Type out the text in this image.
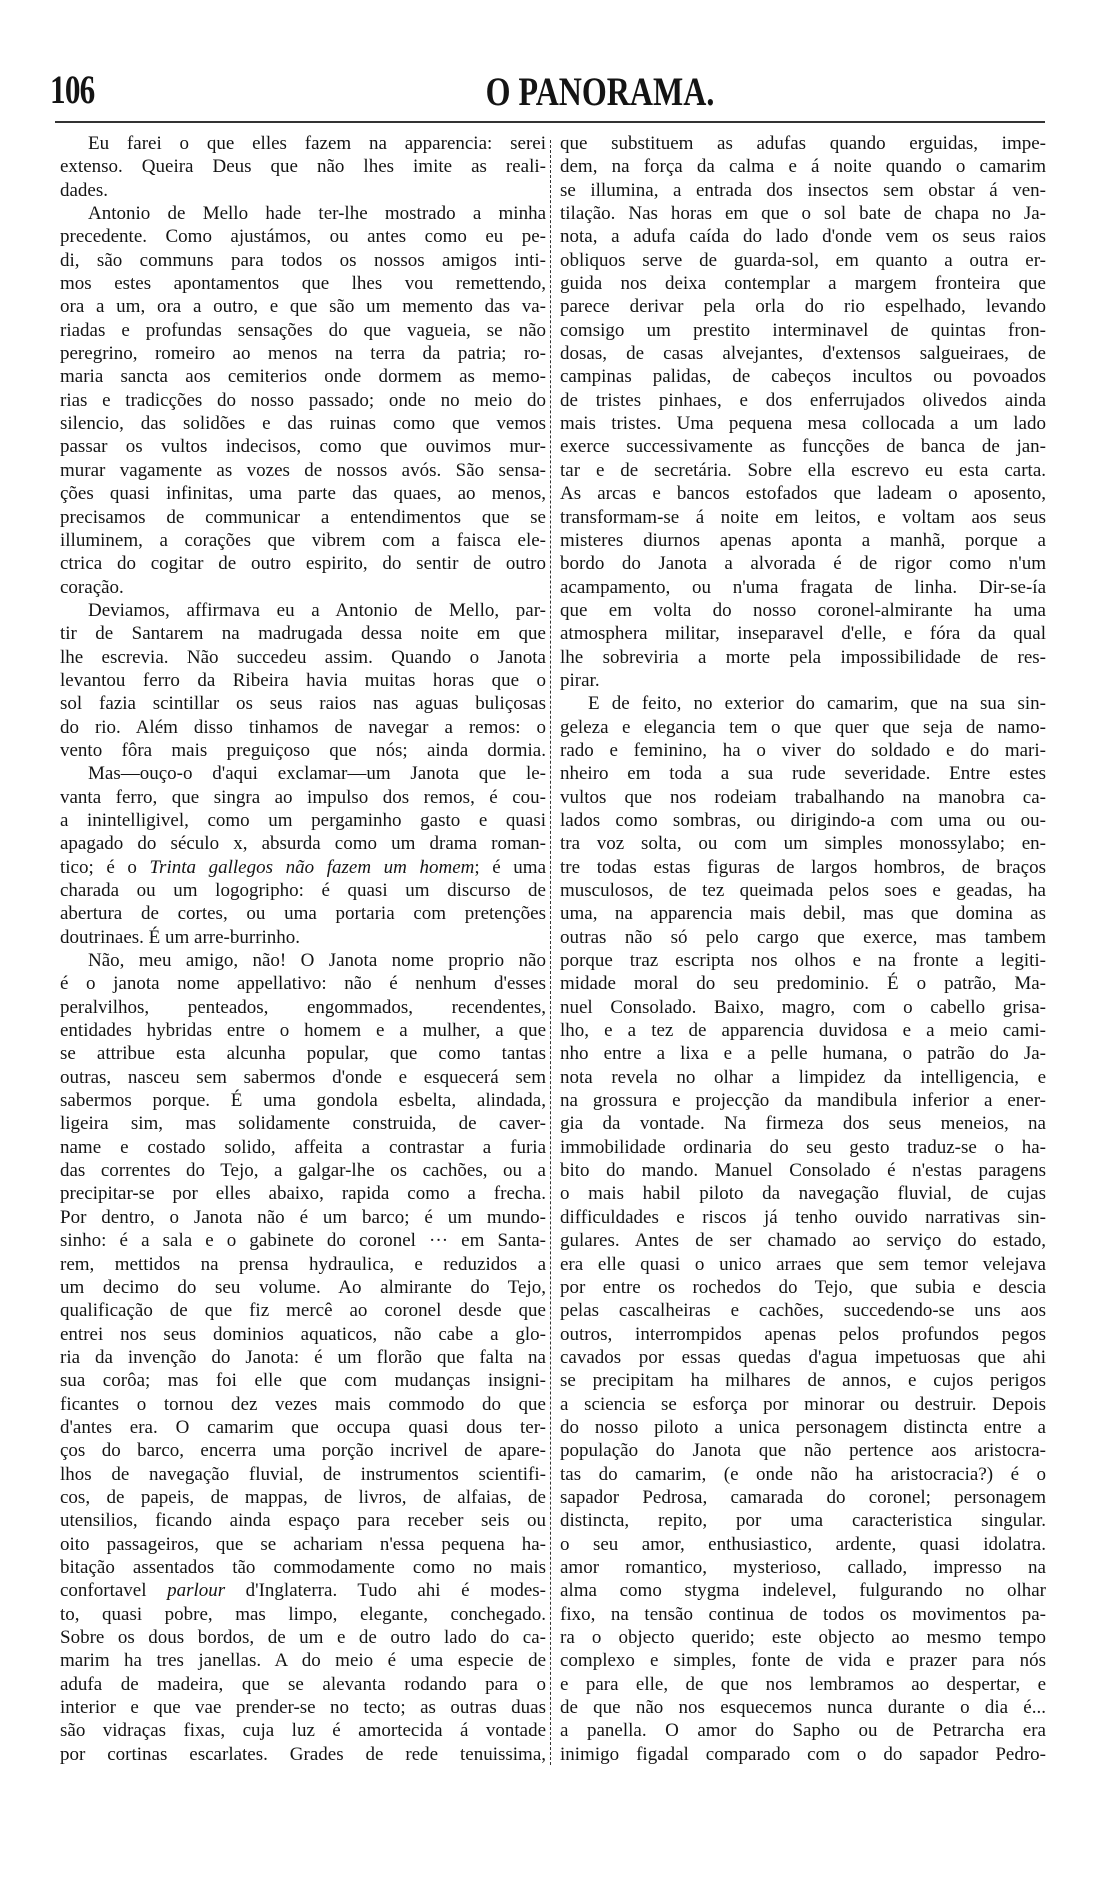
106	O PANORAMA.
Eu farei o que elles fazem na apparencia: serei
extenso. Queira Deus que não lhes imite as reali-
dades.
Antonio de Mello hade ter-lhe mostrado a minha
precedente. Como ajustámos, ou antes como eu pe-
di, são communs para todos os nossos amigos inti-
mos estes apontamentos que lhes vou remettendo,
ora a um, ora a outro, e que são um memento das va-
riadas e profundas sensações do que vagueia, se não
peregrino, romeiro ao menos na terra da patria; ro-
maria sancta aos cemiterios onde dormem as memo-
rias e tradicções do nosso passado; onde no meio do
silencio, das solidões e das ruinas como que vemos
passar os vultos indecisos, como que ouvimos mur-
murar vagamente as vozes de nossos avós. São sensa-
ções quasi infinitas, uma parte das quaes, ao menos,
precisamos de communicar a entendimentos que se
illuminem, a corações que vibrem com a faisca ele-
ctrica do cogitar de outro espirito, do sentir de outro
coração.
Deviamos, affirmava eu a Antonio de Mello, par-
tir de Santarem na madrugada dessa noite em que
lhe escrevia. Não succedeu assim. Quando o Janota
levantou ferro da Ribeira havia muitas horas que o
sol fazia scintillar os seus raios nas aguas buliçosas
do rio. Além disso tinhamos de navegar a remos: o
vento fôra mais preguiçoso que nós; ainda dormia.
Mas—ouço-o d'aqui exclamar—um Janota que le-
vanta ferro, que singra ao impulso dos remos, é cou-
a inintelligivel, como um pergaminho gasto e quasi
apagado do século x, absurda como um drama roman-
tico; é o Trinta gallegos não fazem um homem; é uma
charada ou um logogripho: é quasi um discurso de
abertura de cortes, ou uma portaria com pretenções
doutrinaes. É um arre-burrinho.
Não, meu amigo, não! O Janota nome proprio não
é o janota nome appellativo: não é nenhum d'esses
peralvilhos, penteados, engommados, recendentes,
entidades hybridas entre o homem e a mulher, a que
se attribue esta alcunha popular, que como tantas
outras, nasceu sem sabermos d'onde e esquecerá sem
sabermos porque. É uma gondola esbelta, alindada,
ligeira sim, mas solidamente construida, de caver-
name e costado solido, affeita a contrastar a furia
das correntes do Tejo, a galgar-lhe os cachões, ou a
precipitar-se por elles abaixo, rapida como a frecha.
Por dentro, o Janota não é um barco; é um mundo-
sinho: é a sala e o gabinete do coronel ··· em Santa-
rem, mettidos na prensa hydraulica, e reduzidos a
um decimo do seu volume. Ao almirante do Tejo,
qualificação de que fiz mercê ao coronel desde que
entrei nos seus dominios aquaticos, não cabe a glo-
ria da invenção do Janota: é um florão que falta na
sua corôa; mas foi elle que com mudanças insigni-
ficantes o tornou dez vezes mais commodo do que
d'antes era. O camarim que occupa quasi dous ter-
ços do barco, encerra uma porção incrivel de apare-
lhos de navegação fluvial, de instrumentos scientifi-
cos, de papeis, de mappas, de livros, de alfaias, de
utensilios, ficando ainda espaço para receber seis ou
oito passageiros, que se achariam n'essa pequena ha-
bitação assentados tão commodamente como no mais
confortavel parlour d'Inglaterra. Tudo ahi é modes-
to, quasi pobre, mas limpo, elegante, conchegado.
Sobre os dous bordos, de um e de outro lado do ca-
marim ha tres janellas. A do meio é uma especie de
adufa de madeira, que se alevanta rodando para o
interior e que vae prender-se no tecto; as outras duas
são vidraças fixas, cuja luz é amortecida á vontade
por cortinas escarlates. Grades de rede tenuissima,
que substituem as adufas quando erguidas, impe-
dem, na força da calma e á noite quando o camarim
se illumina, a entrada dos insectos sem obstar á ven-
tilação. Nas horas em que o sol bate de chapa no Ja-
nota, a adufa caída do lado d'onde vem os seus raios
obliquos serve de guarda-sol, em quanto a outra er-
guida nos deixa contemplar a margem fronteira que
parece derivar pela orla do rio espelhado, levando
comsigo um prestito interminavel de quintas fron-
dosas, de casas alvejantes, d'extensos salgueiraes, de
campinas palidas, de cabeços incultos ou povoados
de tristes pinhaes, e dos enferrujados olivedos ainda
mais tristes. Uma pequena mesa collocada a um lado
exerce successivamente as funcções de banca de jan-
tar e de secretária. Sobre ella escrevo eu esta carta.
As arcas e bancos estofados que ladeam o aposento,
transformam-se á noite em leitos, e voltam aos seus
misteres diurnos apenas aponta a manhã, porque a
bordo do Janota a alvorada é de rigor como n'um
acampamento, ou n'uma fragata de linha. Dir-se-ía
que em volta do nosso coronel-almirante ha uma
atmosphera militar, inseparavel d'elle, e fóra da qual
lhe sobreviria a morte pela impossibilidade de res-
pirar.
E de feito, no exterior do camarim, que na sua sin-
geleza e elegancia tem o que quer que seja de namo-
rado e feminino, ha o viver do soldado e do mari-
nheiro em toda a sua rude severidade. Entre estes
vultos que nos rodeiam trabalhando na manobra ca-
lados como sombras, ou dirigindo-a com uma ou ou-
tra voz solta, ou com um simples monossylabo; en-
tre todas estas figuras de largos hombros, de braços
musculosos, de tez queimada pelos soes e geadas, ha
uma, na apparencia mais debil, mas que domina as
outras não só pelo cargo que exerce, mas tambem
porque traz escripta nos olhos e na fronte a legiti-
midade moral do seu predominio. É o patrão, Ma-
nuel Consolado. Baixo, magro, com o cabello grisa-
lho, e a tez de apparencia duvidosa e a meio cami-
nho entre a lixa e a pelle humana, o patrão do Ja-
nota revela no olhar a limpidez da intelligencia, e
na grossura e projecção da mandibula inferior a ener-
gia da vontade. Na firmeza dos seus meneios, na
immobilidade ordinaria do seu gesto traduz-se o ha-
bito do mando. Manuel Consolado é n'estas paragens
o mais habil piloto da navegação fluvial, de cujas
difficuldades e riscos já tenho ouvido narrativas sin-
gulares. Antes de ser chamado ao serviço do estado,
era elle quasi o unico arraes que sem temor velejava
por entre os rochedos do Tejo, que subia e descia
pelas cascalheiras e cachões, succedendo-se uns aos
outros, interrompidos apenas pelos profundos pegos
cavados por essas quedas d'agua impetuosas que ahi
se precipitam ha milhares de annos, e cujos perigos
a sciencia se esforça por minorar ou destruir. Depois
do nosso piloto a unica personagem distincta entre a
população do Janota que não pertence aos aristocra-
tas do camarim, (e onde não ha aristocracia?) é o
sapador Pedrosa, camarada do coronel; personagem
distincta, repito, por uma caracteristica singular.
o seu amor, enthusiastico, ardente, quasi idolatra.
amor romantico, mysterioso, callado, impresso na
alma como stygma indelevel, fulgurando no olhar
fixo, na tensão continua de todos os movimentos pa-
ra o objecto querido; este objecto ao mesmo tempo
complexo e simples, fonte de vida e prazer para nós
e para elle, de que nos lembramos ao despertar, e
de que não nos esquecemos nunca durante o dia é...
a panella. O amor do Sapho ou de Petrarcha era
inimigo figadal comparado com o do sapador Pedro-
